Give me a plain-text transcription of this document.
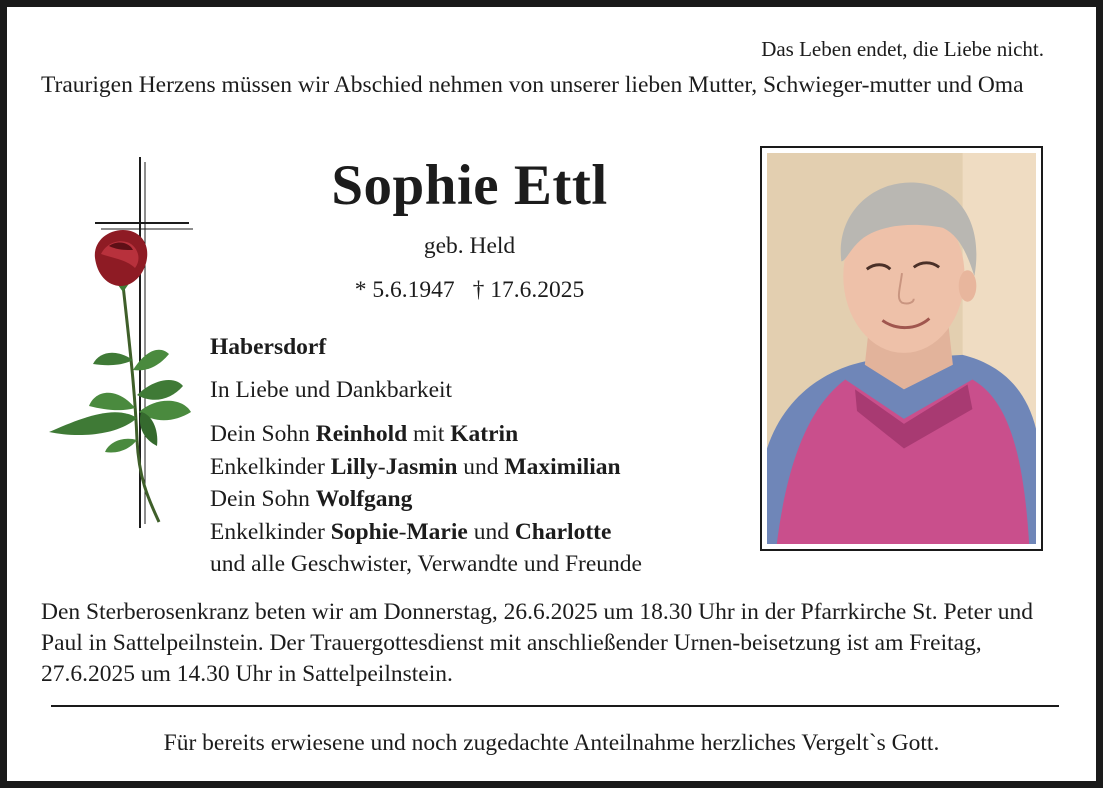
Das Leben endet, die Liebe nicht.
Traurigen Herzens müssen wir Abschied nehmen von unserer lieben Mutter, Schwieger-mutter und Oma
Sophie Ettl
geb. Held
* 5.6.1947 † 17.6.2025
Habersdorf
In Liebe und Dankbarkeit
Dein Sohn Reinhold mit Katrin
Enkelkinder Lilly-Jasmin und Maximilian
Dein Sohn Wolfgang
Enkelkinder Sophie-Marie und Charlotte
und alle Geschwister, Verwandte und Freunde
Den Sterberosenkranz beten wir am Donnerstag, 26.6.2025 um 18.30 Uhr in der Pfarrkirche St. Peter und Paul in Sattelpeilnstein. Der Trauergottesdienst mit anschließender Urnen-beisetzung ist am Freitag, 27.6.2025 um 14.30 Uhr in Sattelpeilnstein.
Für bereits erwiesene und noch zugedachte Anteilnahme herzliches Vergelt`s Gott.
